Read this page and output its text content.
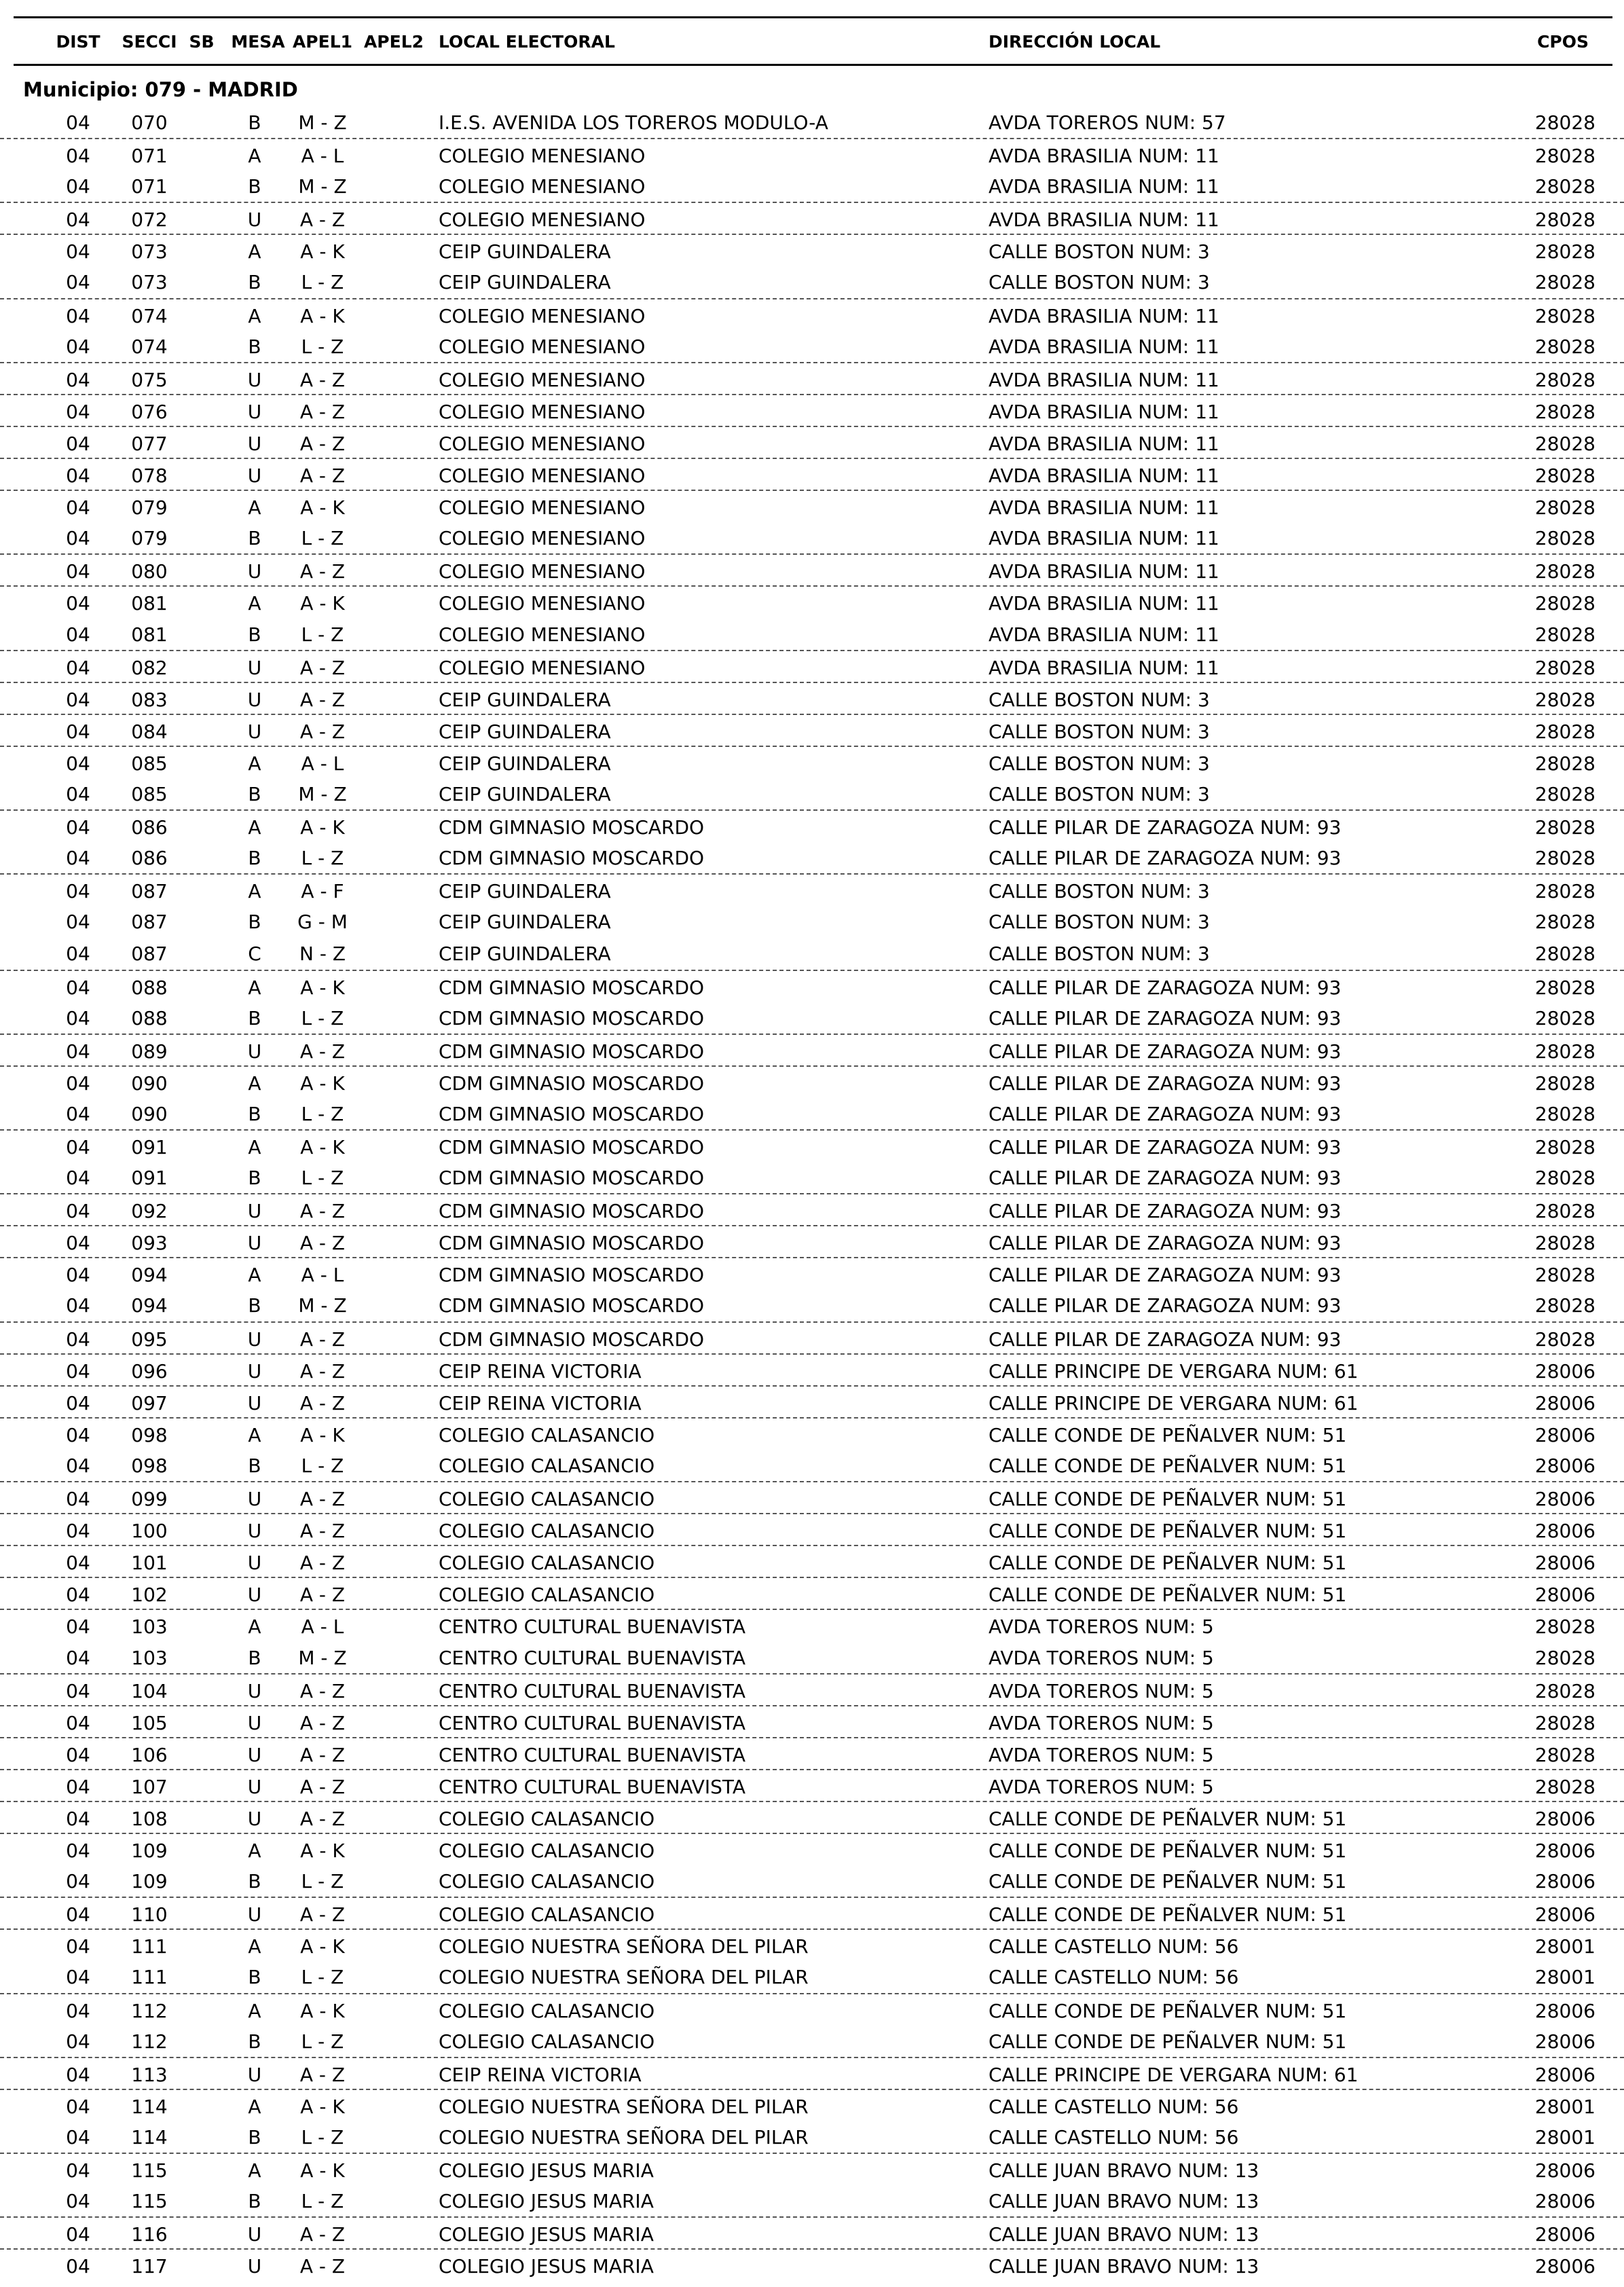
DIST SECCI SB MESA APEL1 APEL2 LOCAL ELECTORAL	DIRECCIÓN LOCAL	CPOS
Municipio: 079 - MADRID
04	070	B	M - Z	I.E.S. AVENIDA LOS TOREROS MODULO-A	AVDA TOREROS NUM: 57	28028
04	071	A	A - L	COLEGIO MENESIANO	AVDA BRASILIA NUM: 11	28028
04	071	B	M - Z	COLEGIO MENESIANO	AVDA BRASILIA NUM: 11	28028
04	072	U	A - Z	COLEGIO MENESIANO	AVDA BRASILIA NUM: 11	28028
04	073	A	A - K	CEIP GUINDALERA	CALLE BOSTON NUM: 3	28028
04	073	B	L - Z	CEIP GUINDALERA	CALLE BOSTON NUM: 3	28028
04	074	A	A - K	COLEGIO MENESIANO	AVDA BRASILIA NUM: 11	28028
04	074	B	L - Z	COLEGIO MENESIANO	AVDA BRASILIA NUM: 11	28028
04	075	U	A - Z	COLEGIO MENESIANO	AVDA BRASILIA NUM: 11	28028
04	076	U	A - Z	COLEGIO MENESIANO	AVDA BRASILIA NUM: 11	28028
04	077	U	A - Z	COLEGIO MENESIANO	AVDA BRASILIA NUM: 11	28028
04	078	U	A - Z	COLEGIO MENESIANO	AVDA BRASILIA NUM: 11	28028
04	079	A	A - K	COLEGIO MENESIANO	AVDA BRASILIA NUM: 11	28028
04	079	B	L - Z	COLEGIO MENESIANO	AVDA BRASILIA NUM: 11	28028
04	080	U	A - Z	COLEGIO MENESIANO	AVDA BRASILIA NUM: 11	28028
04	081	A	A - K	COLEGIO MENESIANO	AVDA BRASILIA NUM: 11	28028
04	081	B	L - Z	COLEGIO MENESIANO	AVDA BRASILIA NUM: 11	28028
04	082	U	A - Z	COLEGIO MENESIANO	AVDA BRASILIA NUM: 11	28028
04	083	U	A - Z	CEIP GUINDALERA	CALLE BOSTON NUM: 3	28028
04	084	U	A - Z	CEIP GUINDALERA	CALLE BOSTON NUM: 3	28028
04	085	A	A - L	CEIP GUINDALERA	CALLE BOSTON NUM: 3	28028
04	085	B	M - Z	CEIP GUINDALERA	CALLE BOSTON NUM: 3	28028
04	086	A	A - K	CDM GIMNASIO MOSCARDO	CALLE PILAR DE ZARAGOZA NUM: 93	28028
04	086	B	L - Z	CDM GIMNASIO MOSCARDO	CALLE PILAR DE ZARAGOZA NUM: 93	28028
04	087	A	A - F	CEIP GUINDALERA	CALLE BOSTON NUM: 3	28028
04	087	B	G - M	CEIP GUINDALERA	CALLE BOSTON NUM: 3	28028
04	087	C	N - Z	CEIP GUINDALERA	CALLE BOSTON NUM: 3	28028
04	088	A	A - K	CDM GIMNASIO MOSCARDO	CALLE PILAR DE ZARAGOZA NUM: 93	28028
04	088	B	L - Z	CDM GIMNASIO MOSCARDO	CALLE PILAR DE ZARAGOZA NUM: 93	28028
04	089	U	A - Z	CDM GIMNASIO MOSCARDO	CALLE PILAR DE ZARAGOZA NUM: 93	28028
04	090	A	A - K	CDM GIMNASIO MOSCARDO	CALLE PILAR DE ZARAGOZA NUM: 93	28028
04	090	B	L - Z	CDM GIMNASIO MOSCARDO	CALLE PILAR DE ZARAGOZA NUM: 93	28028
04	091	A	A - K	CDM GIMNASIO MOSCARDO	CALLE PILAR DE ZARAGOZA NUM: 93	28028
04	091	B	L - Z	CDM GIMNASIO MOSCARDO	CALLE PILAR DE ZARAGOZA NUM: 93	28028
04	092	U	A - Z	CDM GIMNASIO MOSCARDO	CALLE PILAR DE ZARAGOZA NUM: 93	28028
04	093	U	A - Z	CDM GIMNASIO MOSCARDO	CALLE PILAR DE ZARAGOZA NUM: 93	28028
04	094	A	A - L	CDM GIMNASIO MOSCARDO	CALLE PILAR DE ZARAGOZA NUM: 93	28028
04	094	B	M - Z	CDM GIMNASIO MOSCARDO	CALLE PILAR DE ZARAGOZA NUM: 93	28028
04	095	U	A - Z	CDM GIMNASIO MOSCARDO	CALLE PILAR DE ZARAGOZA NUM: 93	28028
04	096	U	A - Z	CEIP REINA VICTORIA	CALLE PRINCIPE DE VERGARA NUM: 61	28006
04	097	U	A - Z	CEIP REINA VICTORIA	CALLE PRINCIPE DE VERGARA NUM: 61	28006
04	098	A	A - K	COLEGIO CALASANCIO	CALLE CONDE DE PEÑALVER NUM: 51	28006
04	098	B	L - Z	COLEGIO CALASANCIO	CALLE CONDE DE PEÑALVER NUM: 51	28006
04	099	U	A - Z	COLEGIO CALASANCIO	CALLE CONDE DE PEÑALVER NUM: 51	28006
04	100	U	A - Z	COLEGIO CALASANCIO	CALLE CONDE DE PEÑALVER NUM: 51	28006
04	101	U	A - Z	COLEGIO CALASANCIO	CALLE CONDE DE PEÑALVER NUM: 51	28006
04	102	U	A - Z	COLEGIO CALASANCIO	CALLE CONDE DE PEÑALVER NUM: 51	28006
04	103	A	A - L	CENTRO CULTURAL BUENAVISTA	AVDA TOREROS NUM: 5	28028
04	103	B	M - Z	CENTRO CULTURAL BUENAVISTA	AVDA TOREROS NUM: 5	28028
04	104	U	A - Z	CENTRO CULTURAL BUENAVISTA	AVDA TOREROS NUM: 5	28028
04	105	U	A - Z	CENTRO CULTURAL BUENAVISTA	AVDA TOREROS NUM: 5	28028
04	106	U	A - Z	CENTRO CULTURAL BUENAVISTA	AVDA TOREROS NUM: 5	28028
04	107	U	A - Z	CENTRO CULTURAL BUENAVISTA	AVDA TOREROS NUM: 5	28028
04	108	U	A - Z	COLEGIO CALASANCIO	CALLE CONDE DE PEÑALVER NUM: 51	28006
04	109	A	A - K	COLEGIO CALASANCIO	CALLE CONDE DE PEÑALVER NUM: 51	28006
04	109	B	L - Z	COLEGIO CALASANCIO	CALLE CONDE DE PEÑALVER NUM: 51	28006
04	110	U	A - Z	COLEGIO CALASANCIO	CALLE CONDE DE PEÑALVER NUM: 51	28006
04	111	A	A - K	COLEGIO NUESTRA SEÑORA DEL PILAR	CALLE CASTELLO NUM: 56	28001
04	111	B	L - Z	COLEGIO NUESTRA SEÑORA DEL PILAR	CALLE CASTELLO NUM: 56	28001
04	112	A	A - K	COLEGIO CALASANCIO	CALLE CONDE DE PEÑALVER NUM: 51	28006
04	112	B	L - Z	COLEGIO CALASANCIO	CALLE CONDE DE PEÑALVER NUM: 51	28006
04	113	U	A - Z	CEIP REINA VICTORIA	CALLE PRINCIPE DE VERGARA NUM: 61	28006
04	114	A	A - K	COLEGIO NUESTRA SEÑORA DEL PILAR	CALLE CASTELLO NUM: 56	28001
04	114	B	L - Z	COLEGIO NUESTRA SEÑORA DEL PILAR	CALLE CASTELLO NUM: 56	28001
04	115	A	A - K	COLEGIO JESUS MARIA	CALLE JUAN BRAVO NUM: 13	28006
04	115	B	L - Z	COLEGIO JESUS MARIA	CALLE JUAN BRAVO NUM: 13	28006
04	116	U	A - Z	COLEGIO JESUS MARIA	CALLE JUAN BRAVO NUM: 13	28006
04	117	U	A - Z	COLEGIO JESUS MARIA	CALLE JUAN BRAVO NUM: 13	28006
